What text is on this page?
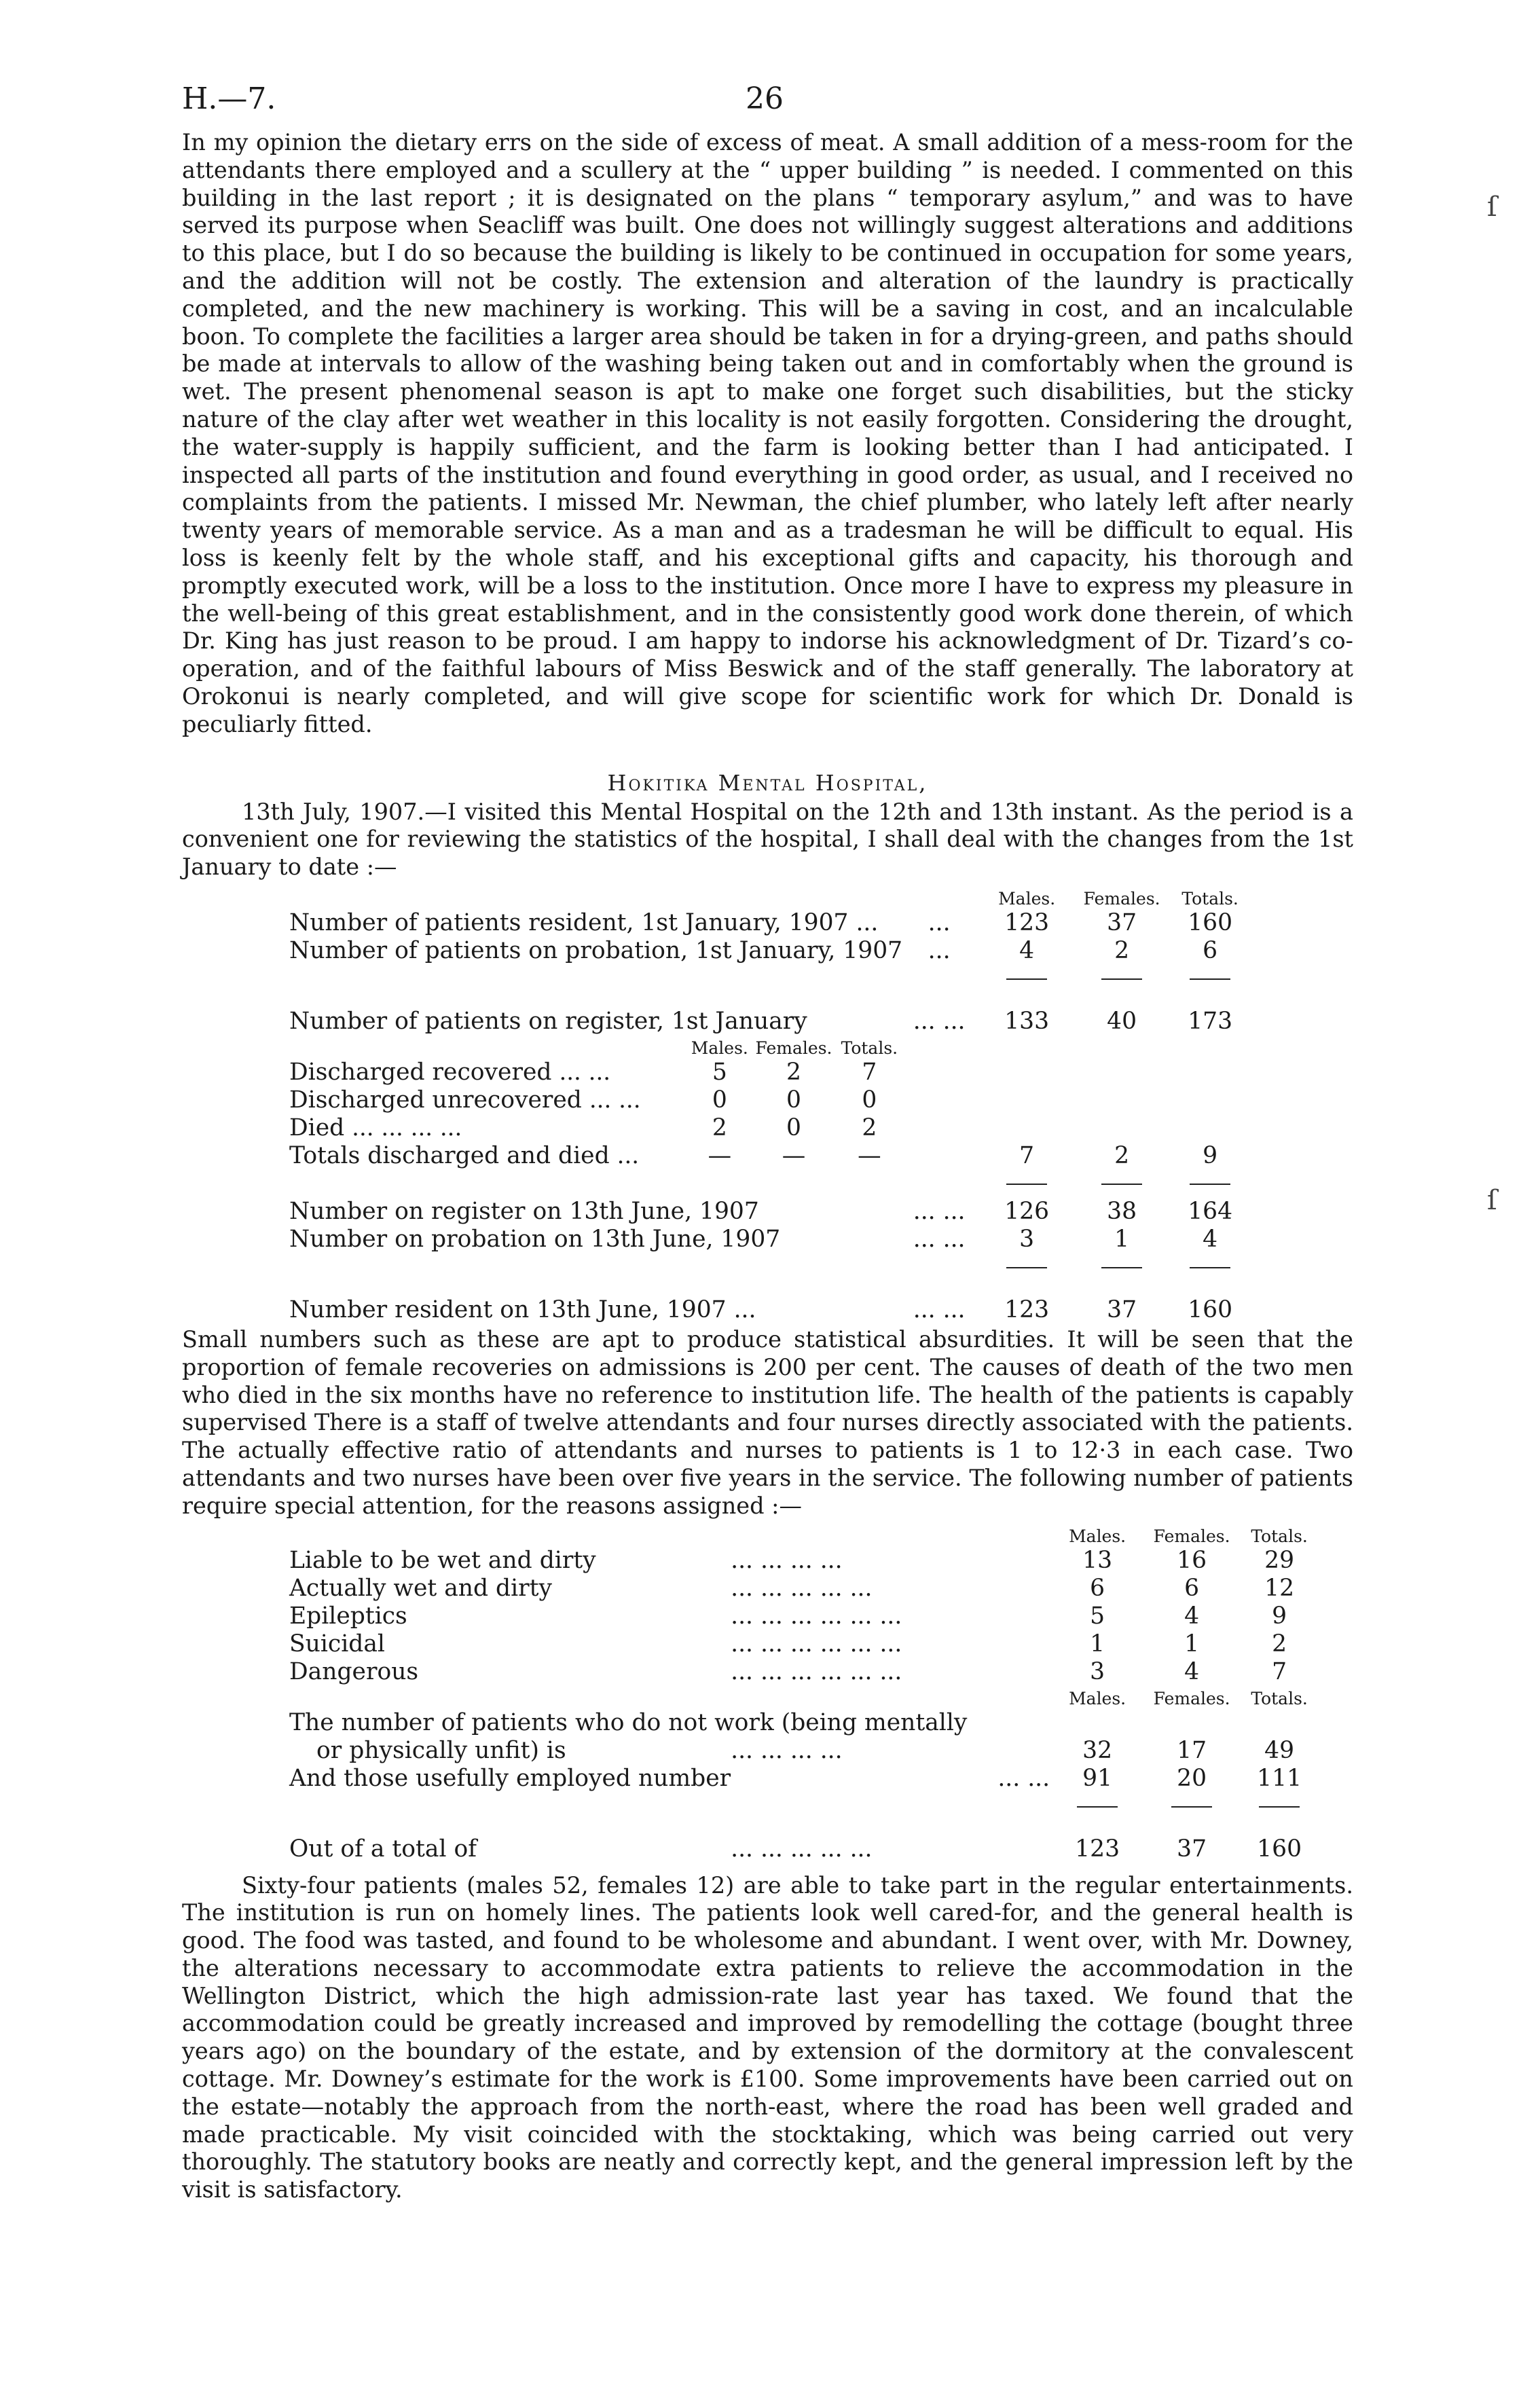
ſ
ſ
H.—7.	26

In my opinion the dietary errs on the side of excess of meat. A small addition of a mess-room for the attendants there employed and a scullery at the “ upper building ” is needed. I commented on this building in the last report ; it is designated on the plans “ temporary asylum,” and was to have served its purpose when Seacliff was built. One does not willingly suggest alterations and additions to this place, but I do so because the building is likely to be continued in occupation for some years, and the addition will not be costly. The extension and alteration of the laundry is practically completed, and the new machinery is working. This will be a saving in cost, and an incalculable boon. To complete the facilities a larger area should be taken in for a drying-green, and paths should be made at intervals to allow of the washing being taken out and in comfortably when the ground is wet. The present phenomenal season is apt to make one forget such disabilities, but the sticky nature of the clay after wet weather in this locality is not easily forgotten. Considering the drought, the water-supply is happily sufficient, and the farm is looking better than I had anticipated. I inspected all parts of the institution and found everything in good order, as usual, and I received no complaints from the patients. I missed Mr. Newman, the chief plumber, who lately left after nearly twenty years of memorable service. As a man and as a tradesman he will be difficult to equal. His loss is keenly felt by the whole staff, and his exceptional gifts and capacity, his thorough and promptly executed work, will be a loss to the institution. Once more I have to express my pleasure in the well-being of this great establishment, and in the consistently good work done therein, of which Dr. King has just reason to be proud. I am happy to indorse his acknowledgment of Dr. Tizard’s co-operation, and of the faithful labours of Miss Beswick and of the staff generally. The laboratory at Orokonui is nearly completed, and will give scope for scientific work for which Dr. Donald is peculiarly fitted.

Hokitika Mental Hospital,

13th July, 1907.—I visited this Mental Hospital on the 12th and 13th instant. As the period is a convenient one for reviewing the statistics of the hospital, I shall deal with the changes from the 1st January to date :—

					Males.	Females.	Totals.
Number of patients resident, 1st January, 1907 ...				...	123	37	160
Number of patients on probation, 1st January, 1907				...	4	2	6

Number of patients on register, 1st January				... ...	133	40	173
	Males.	Females.	Totals.				
Discharged recovered ... ...	5	2	7				
Discharged unrecovered ... ...	0	0	0				
Died ... ... ... ...	2	0	2				
Totals discharged and died ...	—	—	—		7	2	9

Number on register on 13th June, 1907				... ...	126	38	164
Number on probation on 13th June, 1907				... ...	3	1	4

Number resident on 13th June, 1907 ...				... ...	123	37	160

Small numbers such as these are apt to produce statistical absurdities. It will be seen that the proportion of female recoveries on admissions is 200 per cent. The causes of death of the two men who died in the six months have no reference to institution life. The health of the patients is capably supervised There is a staff of twelve attendants and four nurses directly associated with the patients. The actually effective ratio of attendants and nurses to patients is 1 to 12·3 in each case. Two attendants and two nurses have been over five years in the service. The following number of patients require special attention, for the reasons assigned :—

		Males.	Females.	Totals.
Liable to be wet and dirty	... ... ... ...	13	16	29
Actually wet and dirty	... ... ... ... ...	6	6	12
Epileptics	... ... ... ... ... ...	5	4	9
Suicidal	... ... ... ... ... ...	1	1	2
Dangerous	... ... ... ... ... ...	3	4	7
		Males.	Females.	Totals.
The number of patients who do not work (being mentally				
or physically unfit) is	... ... ... ...	32	17	49
And those usefully employed number	... ...	91	20	111

Out of a total of	... ... ... ... ...	123	37	160

Sixty-four patients (males 52, females 12) are able to take part in the regular entertainments. The institution is run on homely lines. The patients look well cared-for, and the general health is good. The food was tasted, and found to be wholesome and abundant. I went over, with Mr. Downey, the alterations necessary to accommodate extra patients to relieve the accommodation in the Wellington District, which the high admission-rate last year has taxed. We found that the accommodation could be greatly increased and improved by remodelling the cottage (bought three years ago) on the boundary of the estate, and by extension of the dormitory at the convalescent cottage. Mr. Downey’s estimate for the work is £100. Some improvements have been carried out on the estate—notably the approach from the north-east, where the road has been well graded and made practicable. My visit coincided with the stocktaking, which was being carried out very thoroughly. The statutory books are neatly and correctly kept, and the general impression left by the visit is satisfactory.
